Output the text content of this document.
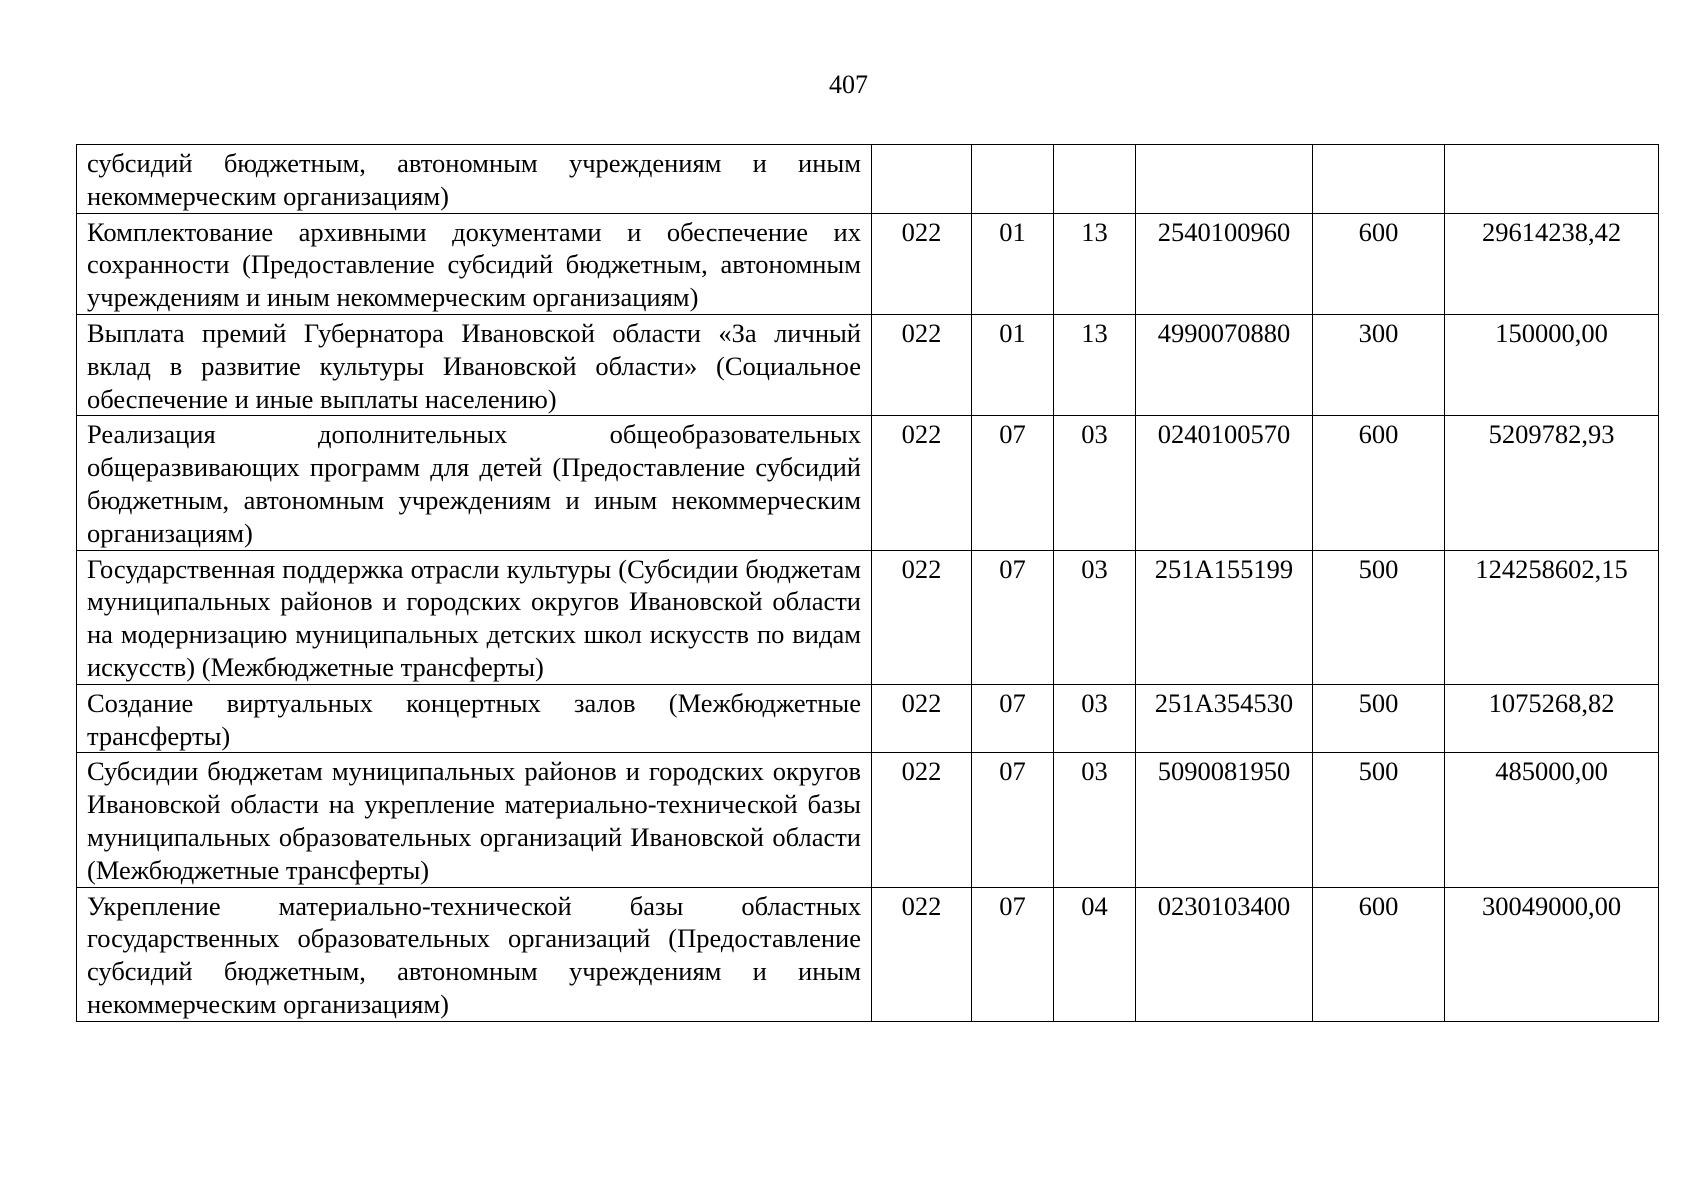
407
субсидий бюджетным, автономным учреждениям и иным некоммерческим организациям)						
Комплектование архивными документами и обеспечение их сохранности (Предоставление субсидий бюджетным, автономным учреждениям и иным некоммерческим организациям)	022	01	13	2540100960	600	29614238,42
Выплата премий Губернатора Ивановской области «За личный вклад в развитие культуры Ивановской области» (Социальное обеспечение и иные выплаты населению)	022	01	13	4990070880	300	150000,00
Реализация дополнительных общеобразовательных общеразвивающих программ для детей (Предоставление субсидий бюджетным, автономным учреждениям и иным некоммерческим организациям)	022	07	03	0240100570	600	5209782,93
Государственная поддержка отрасли культуры (Субсидии бюджетам муниципальных районов и городских округов Ивановской области на модернизацию муниципальных детских школ искусств по видам искусств) (Межбюджетные трансферты)	022	07	03	251A155199	500	124258602,15
Создание виртуальных концертных залов (Межбюджетные трансферты)	022	07	03	251A354530	500	1075268,82
Субсидии бюджетам муниципальных районов и городских округов Ивановской области на укрепление материально-технической базы муниципальных образовательных организаций Ивановской области (Межбюджетные трансферты)	022	07	03	5090081950	500	485000,00
Укрепление материально-технической базы областных государственных образовательных организаций (Предоставление субсидий бюджетным, автономным учреждениям и иным некоммерческим организациям)	022	07	04	0230103400	600	30049000,00
